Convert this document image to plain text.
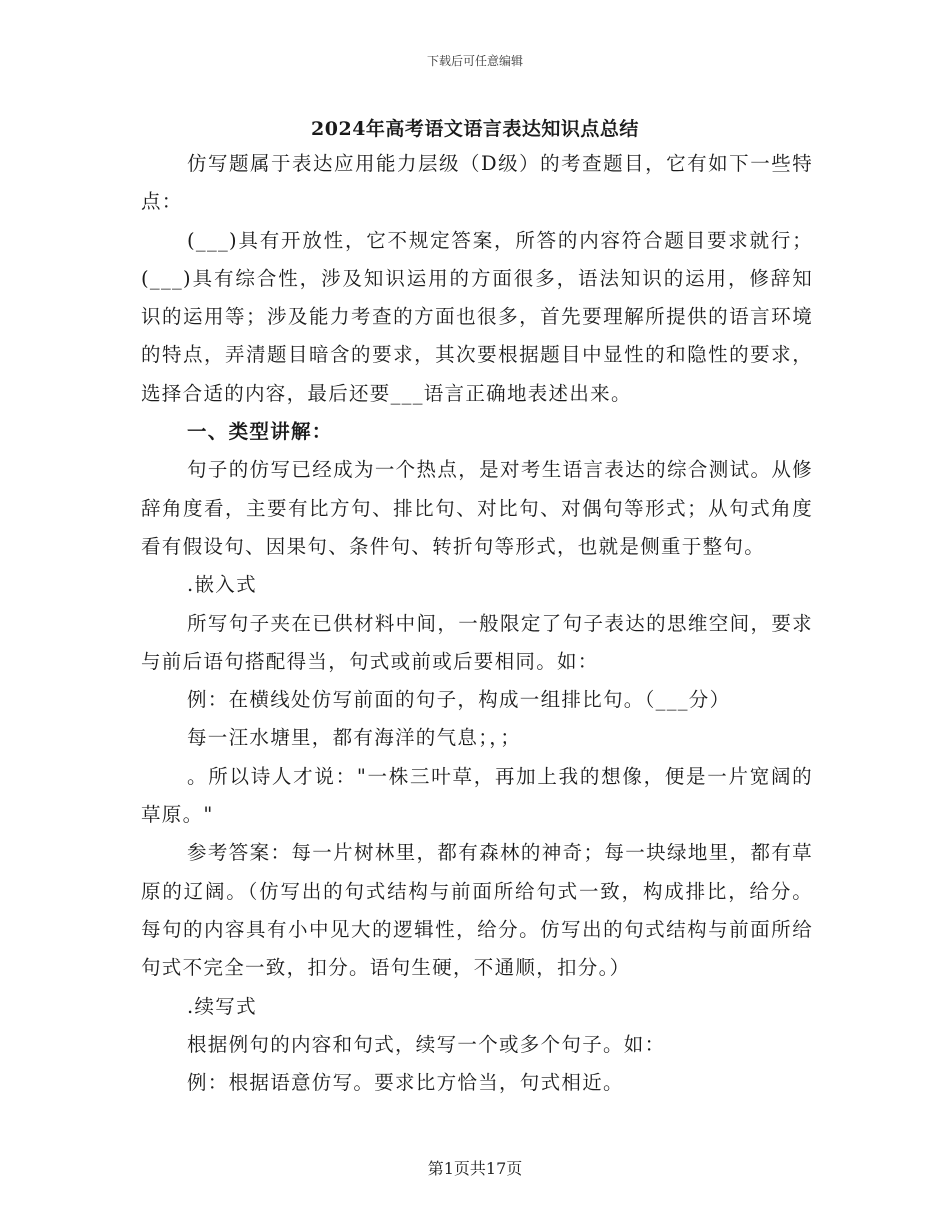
下载后可任意编辑
2024年高考语文语言表达知识点总结

仿写题属于表达应用能力层级（D级）的考查题目，它有如下一些特点：

(___)具有开放性，它不规定答案，所答的内容符合题目要求就行；(___)具有综合性，涉及知识运用的方面很多，语法知识的运用，修辞知识的运用等；涉及能力考查的方面也很多，首先要理解所提供的语言环境的特点，弄清题目暗含的要求，其次要根据题目中显性的和隐性的要求，选择合适的内容，最后还要___语言正确地表述出来。

一、类型讲解：

句子的仿写已经成为一个热点，是对考生语言表达的综合测试。从修辞角度看，主要有比方句、排比句、对比句、对偶句等形式；从句式角度看有假设句、因果句、条件句、转折句等形式，也就是侧重于整句。

.嵌入式

所写句子夹在已供材料中间，一般限定了句子表达的思维空间，要求与前后语句搭配得当，句式或前或后要相同。如：

例：在横线处仿写前面的句子，构成一组排比句。（___分）

每一汪水塘里，都有海洋的气息；，；

。所以诗人才说："一株三叶草，再加上我的想像，便是一片宽阔的草原。"

参考答案：每一片树林里，都有森林的神奇；每一块绿地里，都有草原的辽阔。（仿写出的句式结构与前面所给句式一致，构成排比，给分。每句的内容具有小中见大的逻辑性，给分。仿写出的句式结构与前面所给句式不完全一致，扣分。语句生硬，不通顺，扣分。）

.续写式

根据例句的内容和句式，续写一个或多个句子。如：

例：根据语意仿写。要求比方恰当，句式相近。

第1页共17页
